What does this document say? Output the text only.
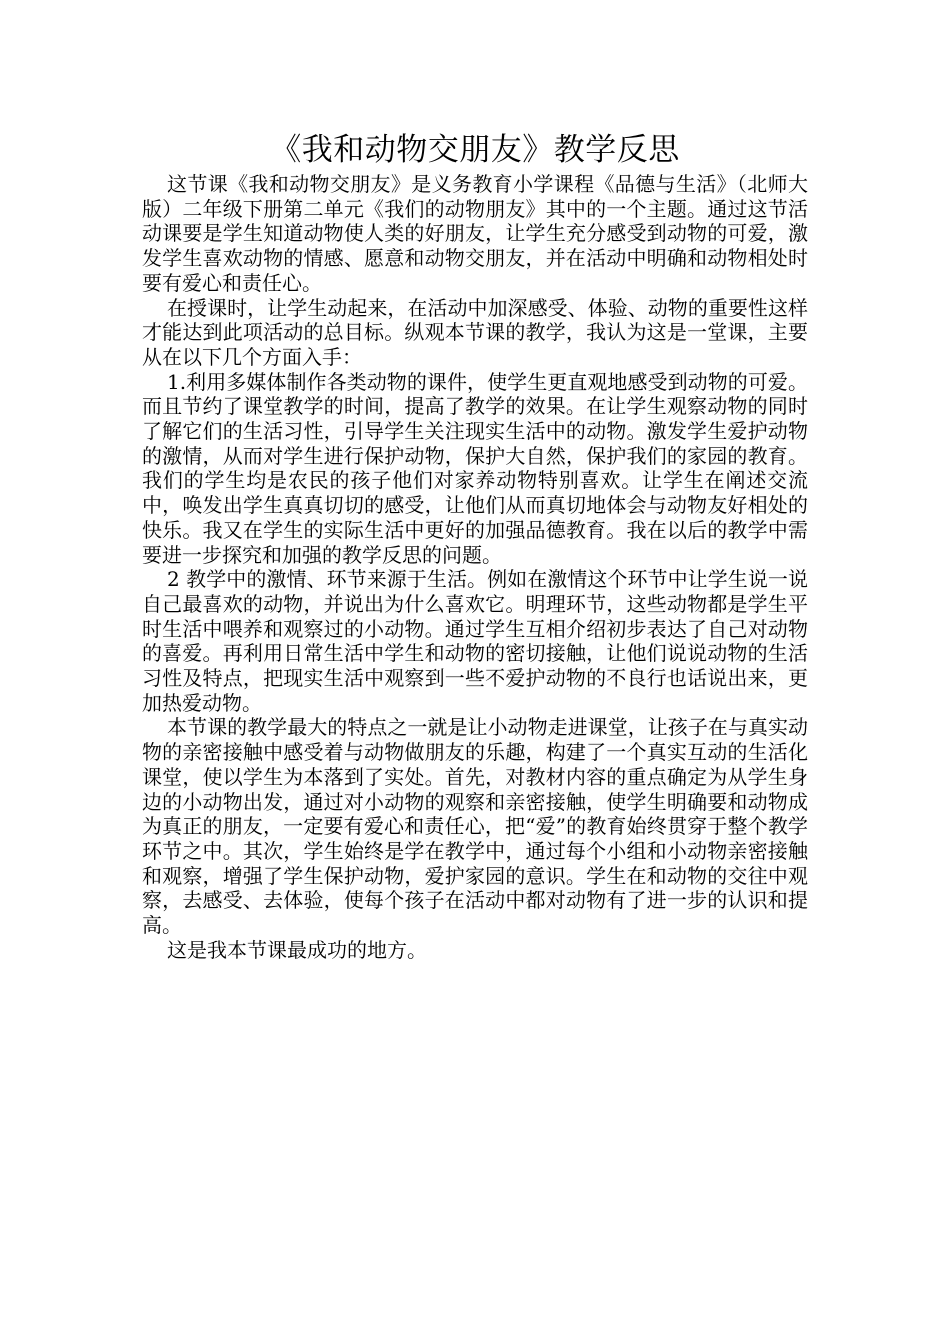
《我和动物交朋友》教学反思

这节课《我和动物交朋友》是义务教育小学课程《品德与生活》（北师大版）二年级下册第二单元《我们的动物朋友》其中的一个主题。通过这节活动课要是学生知道动物使人类的好朋友，让学生充分感受到动物的可爱，激发学生喜欢动物的情感、愿意和动物交朋友，并在活动中明确和动物相处时要有爱心和责任心。

在授课时，让学生动起来，在活动中加深感受、体验、动物的重要性这样才能达到此项活动的总目标。纵观本节课的教学，我认为这是一堂课，主要从在以下几个方面入手：

1.利用多媒体制作各类动物的课件，使学生更直观地感受到动物的可爱。而且节约了课堂教学的时间，提高了教学的效果。在让学生观察动物的同时了解它们的生活习性，引导学生关注现实生活中的动物。激发学生爱护动物的激情，从而对学生进行保护动物，保护大自然，保护我们的家园的教育。我们的学生均是农民的孩子他们对家养动物特别喜欢。让学生在阐述交流中，唤发出学生真真切切的感受，让他们从而真切地体会与动物友好相处的快乐。我又在学生的实际生活中更好的加强品德教育。我在以后的教学中需要进一步探究和加强的教学反思的问题。

2 教学中的激情、环节来源于生活。例如在激情这个环节中让学生说一说自己最喜欢的动物，并说出为什么喜欢它。明理环节，这些动物都是学生平时生活中喂养和观察过的小动物。通过学生互相介绍初步表达了自己对动物的喜爱。再利用日常生活中学生和动物的密切接触，让他们说说动物的生活习性及特点，把现实生活中观察到一些不爱护动物的不良行也话说出来，更加热爱动物。

本节课的教学最大的特点之一就是让小动物走进课堂，让孩子在与真实动物的亲密接触中感受着与动物做朋友的乐趣，构建了一个真实互动的生活化课堂，使以学生为本落到了实处。首先，对教材内容的重点确定为从学生身边的小动物出发，通过对小动物的观察和亲密接触，使学生明确要和动物成为真正的朋友，一定要有爱心和责任心，把“爱”的教育始终贯穿于整个教学环节之中。其次，学生始终是学在教学中，通过每个小组和小动物亲密接触和观察，增强了学生保护动物，爱护家园的意识。学生在和动物的交往中观察，去感受、去体验，使每个孩子在活动中都对动物有了进一步的认识和提高。

这是我本节课最成功的地方。
